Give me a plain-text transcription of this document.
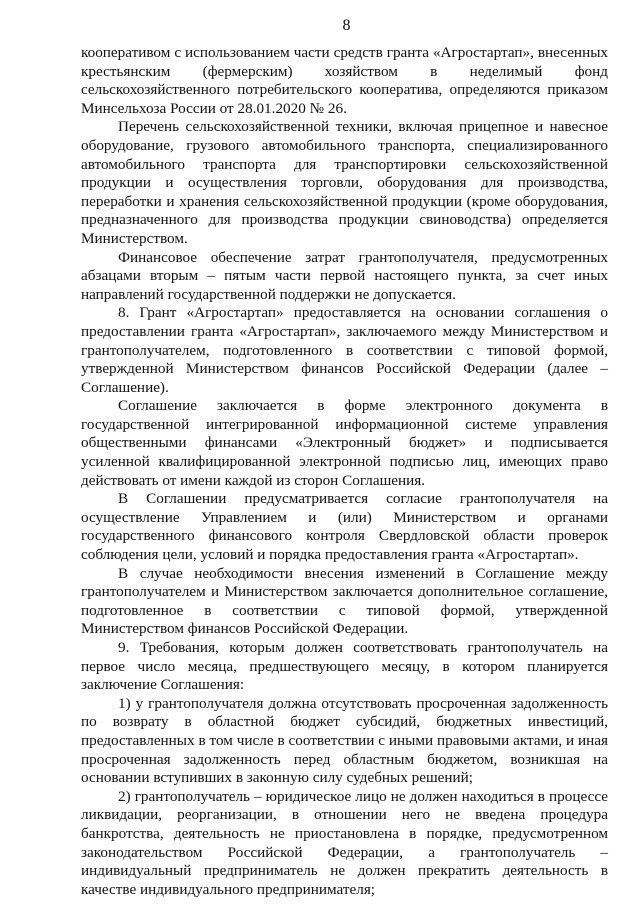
8

кооперативом с использованием части средств гранта «Агростартап», внесенных крестьянским (фермерским) хозяйством в неделимый фонд сельскохозяйственного потребительского кооператива, определяются приказом Минсельхоза России от 28.01.2020 № 26.

Перечень сельскохозяйственной техники, включая прицепное и навесное оборудование, грузового автомобильного транспорта, специализированного автомобильного транспорта для транспортировки сельскохозяйственной продукции и осуществления торговли, оборудования для производства, переработки и хранения сельскохозяйственной продукции (кроме оборудования, предназначенного для производства продукции свиноводства) определяется Министерством.

Финансовое обеспечение затрат грантополучателя, предусмотренных абзацами вторым – пятым части первой настоящего пункта, за счет иных направлений государственной поддержки не допускается.

8. Грант «Агростартап» предоставляется на основании соглашения о предоставлении гранта «Агростартап», заключаемого между Министерством и грантополучателем, подготовленного в соответствии с типовой формой, утвержденной Министерством финансов Российской Федерации (далее – Соглашение).

Соглашение заключается в форме электронного документа в государственной интегрированной информационной системе управления общественными финансами «Электронный бюджет» и подписывается усиленной квалифицированной электронной подписью лиц, имеющих право действовать от имени каждой из сторон Соглашения.

В Соглашении предусматривается согласие грантополучателя на осуществление Управлением и (или) Министерством и органами государственного финансового контроля Свердловской области проверок соблюдения цели, условий и порядка предоставления гранта «Агростартап».

В случае необходимости внесения изменений в Соглашение между грантополучателем и Министерством заключается дополнительное соглашение, подготовленное в соответствии с типовой формой, утвержденной Министерством финансов Российской Федерации.

9. Требования, которым должен соответствовать грантополучатель на первое число месяца, предшествующего месяцу, в котором планируется заключение Соглашения:

1) у грантополучателя должна отсутствовать просроченная задолженность по возврату в областной бюджет субсидий, бюджетных инвестиций, предоставленных в том числе в соответствии с иными правовыми актами, и иная просроченная задолженность перед областным бюджетом, возникшая на основании вступивших в законную силу судебных решений;

2) грантополучатель – юридическое лицо не должен находиться в процессе ликвидации, реорганизации, в отношении него не введена процедура банкротства, деятельность не приостановлена в порядке, предусмотренном законодательством Российской Федерации, а грантополучатель – индивидуальный предприниматель не должен прекратить деятельность в качестве индивидуального предпринимателя;
